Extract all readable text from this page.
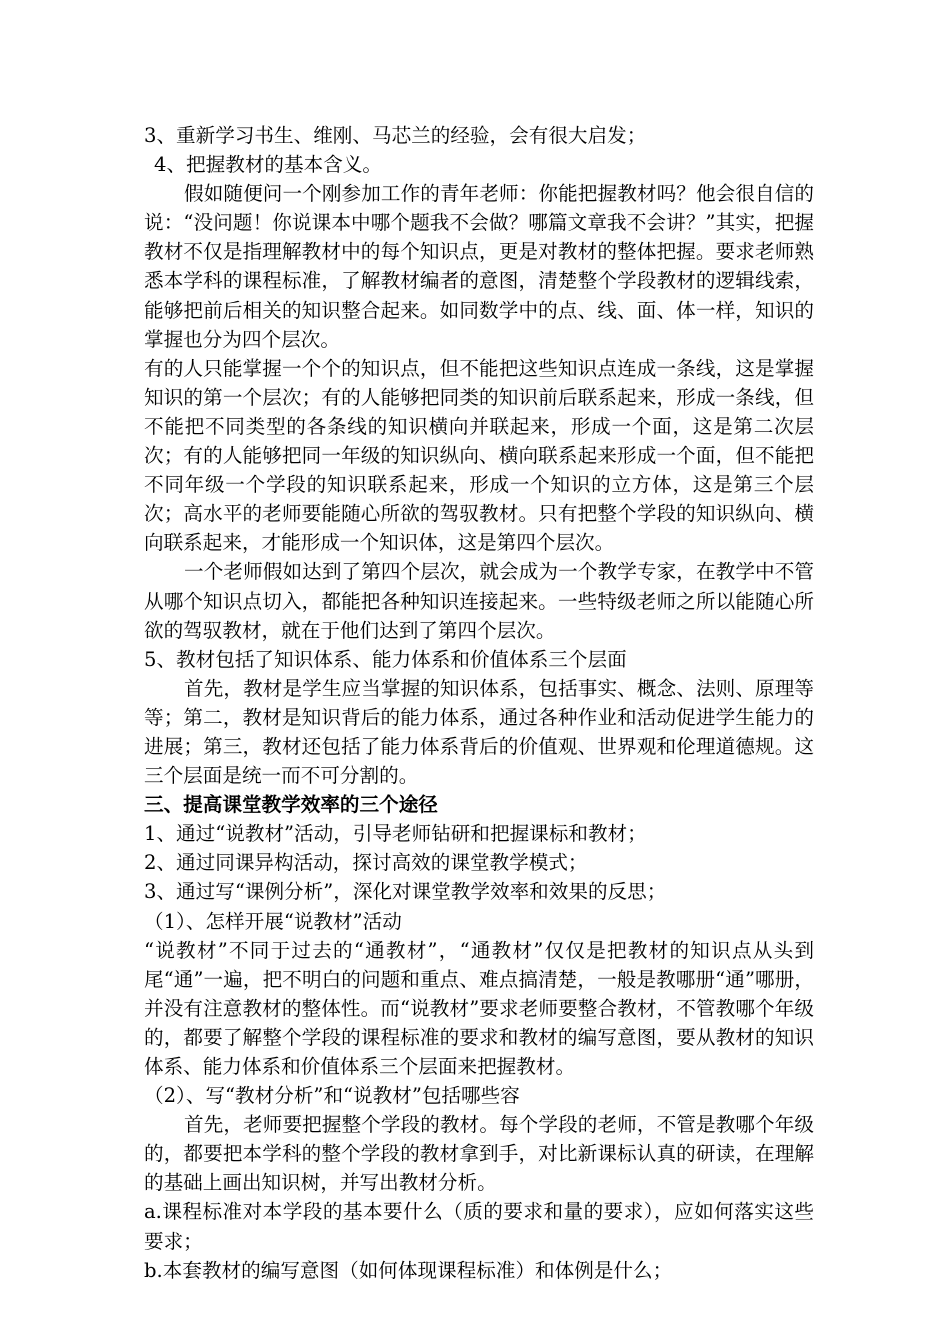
3、重新学习书生、维刚、马芯兰的经验，会有很大启发；

4、把握教材的基本含义。

假如随便问一个刚参加工作的青年老师：你能把握教材吗？他会很自信的说：“没问题！你说课本中哪个题我不会做？哪篇文章我不会讲？”其实，把握教材不仅是指理解教材中的每个知识点，更是对教材的整体把握。要求老师熟悉本学科的课程标准，了解教材编者的意图，清楚整个学段教材的逻辑线索，能够把前后相关的知识整合起来。如同数学中的点、线、面、体一样，知识的掌握也分为四个层次。

有的人只能掌握一个个的知识点，但不能把这些知识点连成一条线，这是掌握知识的第一个层次；有的人能够把同类的知识前后联系起来，形成一条线，但不能把不同类型的各条线的知识横向并联起来，形成一个面，这是第二次层次；有的人能够把同一年级的知识纵向、横向联系起来形成一个面，但不能把不同年级一个学段的知识联系起来，形成一个知识的立方体，这是第三个层次；高水平的老师要能随心所欲的驾驭教材。只有把整个学段的知识纵向、横向联系起来，才能形成一个知识体，这是第四个层次。

一个老师假如达到了第四个层次，就会成为一个教学专家，在教学中不管从哪个知识点切入，都能把各种知识连接起来。一些特级老师之所以能随心所欲的驾驭教材，就在于他们达到了第四个层次。

5、教材包括了知识体系、能力体系和价值体系三个层面

首先，教材是学生应当掌握的知识体系，包括事实、概念、法则、原理等等；第二，教材是知识背后的能力体系，通过各种作业和活动促进学生能力的进展；第三，教材还包括了能力体系背后的价值观、世界观和伦理道德规。这三个层面是统一而不可分割的。

三、提高课堂教学效率的三个途径

1、通过“说教材”活动，引导老师钻研和把握课标和教材；

2、通过同课异构活动，探讨高效的课堂教学模式；

3、通过写“课例分析”，深化对课堂教学效率和效果的反思；

（1）、怎样开展“说教材”活动

“说教材”不同于过去的“通教材”，“通教材”仅仅是把教材的知识点从头到尾“通”一遍，把不明白的问题和重点、难点搞清楚，一般是教哪册“通”哪册，并没有注意教材的整体性。而“说教材”要求老师要整合教材，不管教哪个年级的，都要了解整个学段的课程标准的要求和教材的编写意图，要从教材的知识体系、能力体系和价值体系三个层面来把握教材。

（2）、写“教材分析”和“说教材”包括哪些容

首先，老师要把握整个学段的教材。每个学段的老师，不管是教哪个年级的，都要把本学科的整个学段的教材拿到手，对比新课标认真的研读，在理解的基础上画出知识树，并写出教材分析。

a.课程标准对本学段的基本要什么（质的要求和量的要求），应如何落实这些要求；

b.本套教材的编写意图（如何体现课程标准）和体例是什么；
